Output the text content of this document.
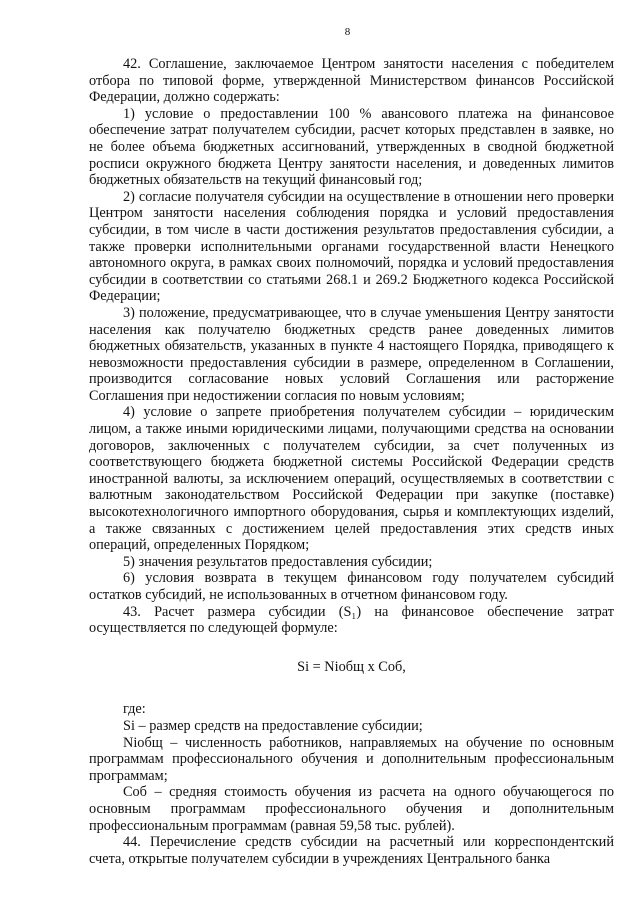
8

42. Соглашение, заключаемое Центром занятости населения с победителем отбора по типовой форме, утвержденной Министерством финансов Российской Федерации, должно содержать:

1) условие о предоставлении 100 % авансового платежа на финансовое обеспечение затрат получателем субсидии, расчет которых представлен в заявке, но не более объема бюджетных ассигнований, утвержденных в сводной бюджетной росписи окружного бюджета Центру занятости населения, и доведенных лимитов бюджетных обязательств на текущий финансовый год;

2) согласие получателя субсидии на осуществление в отношении него проверки Центром занятости населения соблюдения порядка и условий предоставления субсидии, в том числе в части достижения результатов предоставления субсидии, а также проверки исполнительными органами государственной власти Ненецкого автономного округа, в рамках своих полномочий, порядка и условий предоставления субсидии в соответствии со статьями 268.1 и 269.2 Бюджетного кодекса Российской Федерации;

3) положение, предусматривающее, что в случае уменьшения Центру занятости населения как получателю бюджетных средств ранее доведенных лимитов бюджетных обязательств, указанных в пункте 4 настоящего Порядка, приводящего к невозможности предоставления субсидии в размере, определенном в Соглашении, производится согласование новых условий Соглашения или расторжение Соглашения при недостижении согласия по новым условиям;

4) условие о запрете приобретения получателем субсидии – юридическим лицом, а также иными юридическими лицами, получающими средства на основании договоров, заключенных с получателем субсидии, за счет полученных из соответствующего бюджета бюджетной системы Российской Федерации средств иностранной валюты, за исключением операций, осуществляемых в соответствии с валютным законодательством Российской Федерации при закупке (поставке) высокотехнологичного импортного оборудования, сырья и комплектующих изделий, а также связанных с достижением целей предоставления этих средств иных операций, определенных Порядком;

5) значения результатов предоставления субсидии;

6) условия возврата в текущем финансовом году получателем субсидий остатков субсидий, не использованных в отчетном финансовом году.

43. Расчет размера субсидии (S₁) на финансовое обеспечение затрат осуществляется по следующей формуле:

Si = Niобщ x Cоб,

где:

Si – размер средств на предоставление субсидии;

Niобщ – численность работников, направляемых на обучение по основным программам профессионального обучения и дополнительным профессиональным программам;

Cоб – средняя стоимость обучения из расчета на одного обучающегося по основным программам профессионального обучения и дополнительным профессиональным программам (равная 59,58 тыс. рублей).

44. Перечисление средств субсидии на расчетный или корреспондентский счета, открытые получателем субсидии в учреждениях Центрального банка
